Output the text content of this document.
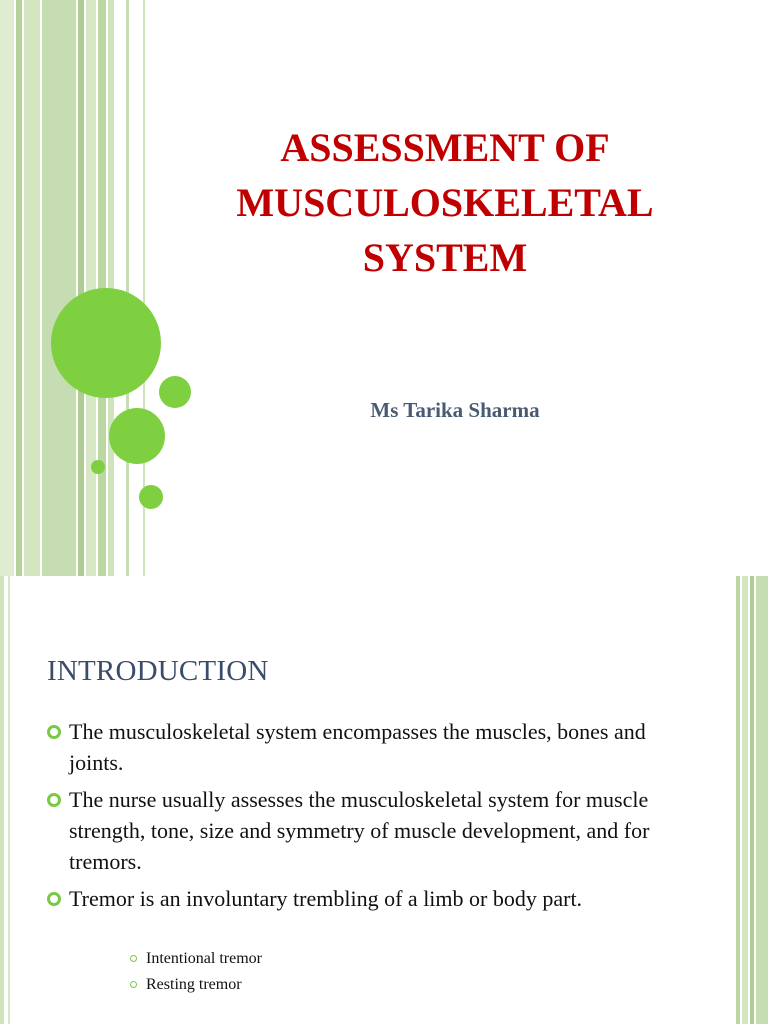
ASSESSMENT OF
MUSCULOSKELETAL
SYSTEM
Ms Tarika Sharma
INTRODUCTION
The musculoskeletal system encompasses the muscles, bones and joints.
The nurse usually assesses the musculoskeletal system for muscle strength, tone, size and symmetry of muscle development, and for tremors.
Tremor is an involuntary trembling of a limb or body part.
Intentional tremor
Resting tremor
